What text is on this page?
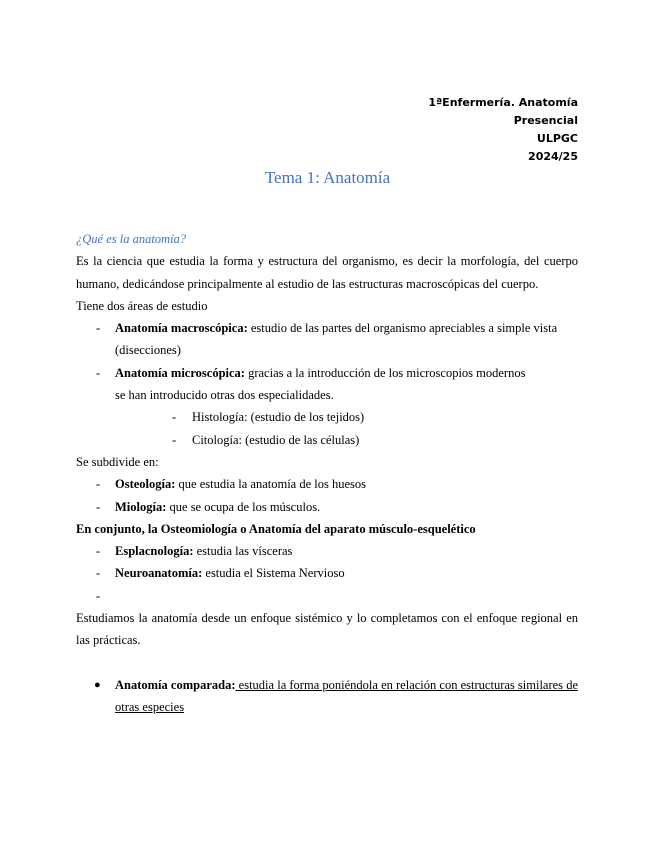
1ªEnfermería. Anatomía
Presencial
ULPGC
2024/25
Tema 1: Anatomía

¿Qué es la anatomía?

Es la ciencia que estudia la forma y estructura del organismo, es decir la morfología, del cuerpo humano, dedicándose principalmente al estudio de las estructuras macroscópicas del cuerpo.

Tiene dos áreas de estudio

- Anatomía macroscópica: estudio de las partes del organismo apreciables a simple vista
(disecciones)
- Anatomía microscópica: gracias a la introducción de los microscopios modernos
se han introducido otras dos especialidades.
- Histología: (estudio de los tejidos)
- Citología: (estudio de las células)

Se subdivide en:

- Osteología: que estudia la anatomía de los huesos
- Miología: que se ocupa de los músculos.

En conjunto, la Osteomiología o Anatomía del aparato músculo-esquelético

- Esplacnología: estudia las vísceras
- Neuroanatomía: estudia el Sistema Nervioso
-

Estudiamos la anatomía desde un enfoque sistémico y lo completamos con el enfoque regional en las prácticas.

● Anatomía comparada: estudia la forma poniéndola en relación con estructuras similares de otras especies
